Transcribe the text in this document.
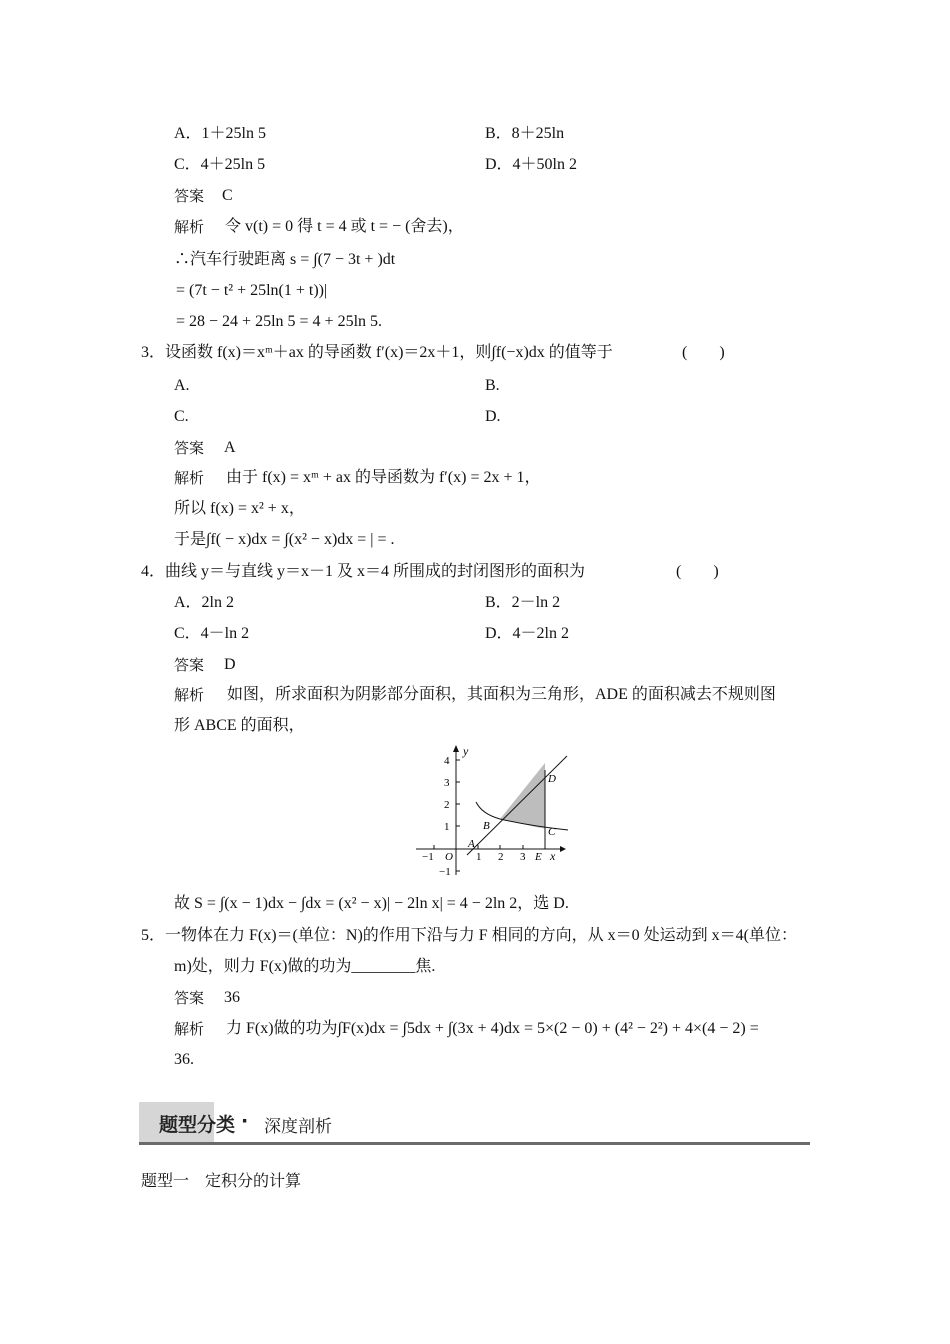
A．1＋25ln 5	B．8＋25ln
C．4＋25ln 5	D．4＋50ln 2
答案 C
解析 令 v(t) = 0 得 t = 4 或 t = − (舍去)，
∴汽车行驶距离 s = ∫(7 − 3t + )dt
= (7t − t² + 25ln(1 + t))|
= 28 − 24 + 25ln 5 = 4 + 25ln 5.
3．设函数 f(x)＝xᵐ＋ax 的导函数 f′(x)＝2x＋1，则∫f(−x)dx 的值等于	(　　)
A.	B.
C.	D.
答案 A
解析 由于 f(x) = xᵐ + ax 的导函数为 f′(x) = 2x + 1，
所以 f(x) = x² + x，
于是∫f( − x)dx = ∫(x² − x)dx = | = .
4．曲线 y＝与直线 y＝x－1 及 x＝4 所围成的封闭图形的面积为	(　　)
A．2ln 2	B．2－ln 2
C．4－ln 2	D．4－2ln 2
答案 D
解析 如图，所求面积为阴影部分面积，其面积为三角形，ADE 的面积减去不规则图
形 ABCE 的面积，
y
x
4
3
2
1
−1
−1 O 1 2 3 E
A
B	C
D
故 S = ∫(x − 1)dx − ∫dx = (x² − x)| − 2ln x| = 4 − 2ln 2，选 D.
5．一物体在力 F(x)＝(单位：N)的作用下沿与力 F 相同的方向，从 x＝0 处运动到 x＝4(单位：
m)处，则力 F(x)做的功为________焦.
答案 36
解析 力 F(x)做的功为∫F(x)dx = ∫5dx + ∫(3x + 4)dx = 5×(2 − 0) + (4² − 2²) + 4×(4 − 2) =
36.
题型分类 · 深度剖析
题型一　定积分的计算
